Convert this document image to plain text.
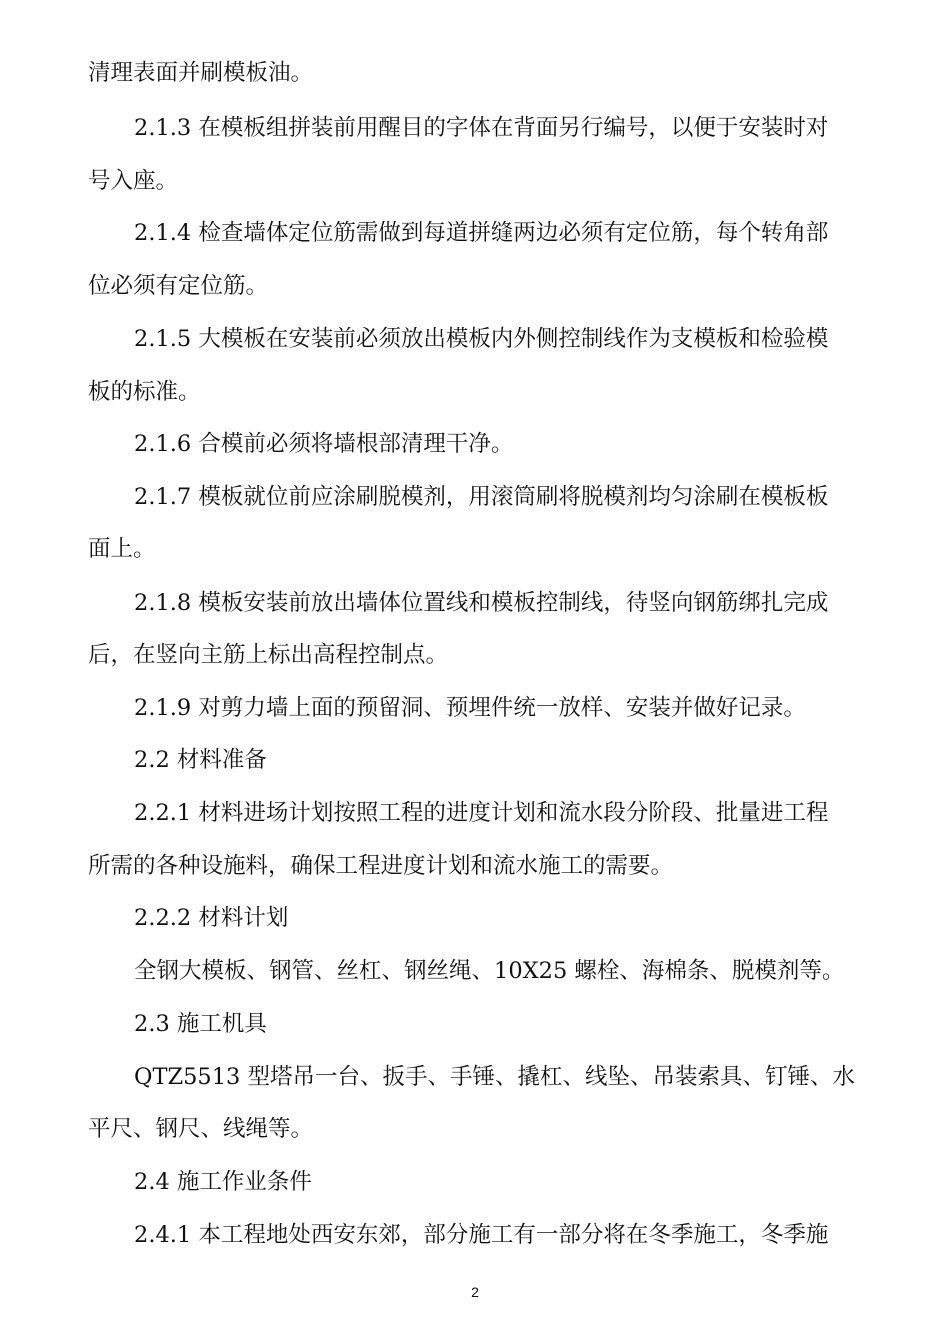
清理表面并刷模板油。
2.1.3 在模板组拼装前用醒目的字体在背面另行编号，以便于安装时对
号入座。
2.1.4 检查墙体定位筋需做到每道拼缝两边必须有定位筋，每个转角部
位必须有定位筋。
2.1.5 大模板在安装前必须放出模板内外侧控制线作为支模板和检验模
板的标准。
2.1.6 合模前必须将墙根部清理干净。
2.1.7 模板就位前应涂刷脱模剂，用滚筒刷将脱模剂均匀涂刷在模板板
面上。
2.1.8 模板安装前放出墙体位置线和模板控制线，待竖向钢筋绑扎完成
后，在竖向主筋上标出高程控制点。
2.1.9 对剪力墙上面的预留洞、预埋件统一放样、安装并做好记录。
2.2 材料准备
2.2.1 材料进场计划按照工程的进度计划和流水段分阶段、批量进工程
所需的各种设施料，确保工程进度计划和流水施工的需要。
2.2.2 材料计划
全钢大模板、钢管、丝杠、钢丝绳、10X25 螺栓、海棉条、脱模剂等。
2.3 施工机具
QTZ5513 型塔吊一台、扳手、手锤、撬杠、线坠、吊装索具、钉锤、水
平尺、钢尺、线绳等。
2.4 施工作业条件
2.4.1 本工程地处西安东郊，部分施工有一部分将在冬季施工，冬季施
2
